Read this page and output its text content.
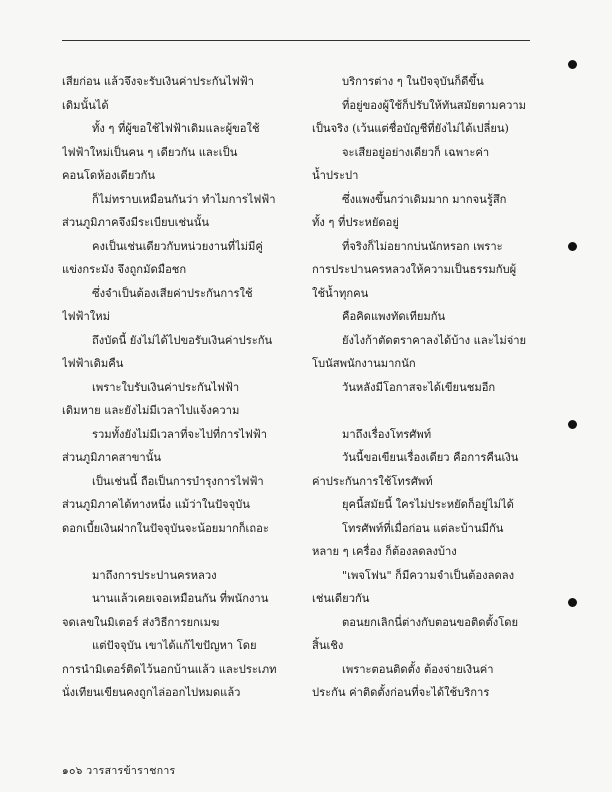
เสียก่อน แล้วจึงจะรับเงินค่าประกันไฟฟ้า
เดิมนั้นได้
ทั้ง ๆ ที่ผู้ขอใช้ไฟฟ้าเดิมและผู้ขอใช้
ไฟฟ้าใหม่เป็นคน ๆ เดียวกัน และเป็น
คอนโดห้องเดียวกัน
ก็ไม่ทราบเหมือนกันว่า ทำไมการไฟฟ้า
ส่วนภูมิภาคจึงมีระเบียบเช่นนั้น
คงเป็นเช่นเดียวกับหน่วยงานที่ไม่มีคู่
แข่งกระมัง จึงถูกมัดมือชก
ซึ่งจำเป็นต้องเสียค่าประกันการใช้
ไฟฟ้าใหม่
ถึงบัดนี้ ยังไม่ได้ไปขอรับเงินค่าประกัน
ไฟฟ้าเดิมคืน
เพราะใบรับเงินค่าประกันไฟฟ้า
เดิมหาย และยังไม่มีเวลาไปแจ้งความ
รวมทั้งยังไม่มีเวลาที่จะไปที่การไฟฟ้า
ส่วนภูมิภาคสาขานั้น
เป็นเช่นนี้ ถือเป็นการบำรุงการไฟฟ้า
ส่วนภูมิภาคได้ทางหนึ่ง แม้ว่าในปัจจุบัน
ดอกเบี้ยเงินฝากในปัจจุบันจะน้อยมากก็เถอะ
มาถึงการประปานครหลวง
นานแล้วเคยเจอเหมือนกัน ที่พนักงาน
จดเลขในมิเตอร์ ส่งวิธีการยกเมฆ
แต่ปัจจุบัน เขาได้แก้ไขปัญหา โดย
การนำมิเตอร์ติดไว้นอกบ้านแล้ว และประเภท
นั่งเทียนเขียนคงถูกไล่ออกไปหมดแล้ว
บริการต่าง ๆ ในปัจจุบันก็ดีขึ้น
ที่อยู่ของผู้ใช้ก็ปรับให้ทันสมัยตามความ
เป็นจริง (เว้นแต่ชื่อบัญชีที่ยังไม่ได้เปลี่ยน)
จะเสียอยู่อย่างเดียวก็ เฉพาะค่า
น้ำประปา
ซึ่งแพงขึ้นกว่าเดิมมาก มากจนรู้สึก
ทั้ง ๆ ที่ประหยัดอยู่
ที่จริงก็ไม่อยากบ่นนักหรอก เพราะ
การประปานครหลวงให้ความเป็นธรรมกับผู้
ใช้น้ำทุกคน
คือคิดแพงทัดเทียมกัน
ยังไงก้าตัดตราคาลงได้บ้าง และไม่จ่าย
โบนัสพนักงานมากนัก
วันหลังมีโอกาสจะได้เขียนชมอีก
มาถึงเรื่องโทรศัพท์
วันนี้ขอเขียนเรื่องเดียว คือการคืนเงิน
ค่าประกันการใช้โทรศัพท์
ยุคนี้สมัยนี้ ใครไม่ประหยัดก็อยู่ไม่ได้
โทรศัพท์ที่เมื่อก่อน แต่ละบ้านมีกัน
หลาย ๆ เครื่อง ก็ต้องลดลงบ้าง
"เพจโฟน" ก็มีความจำเป็นต้องลดลง
เช่นเดียวกัน
ตอนยกเลิกนี่ต่างกับตอนขอติดตั้งโดย
สิ้นเชิง
เพราะตอนติดตั้ง ต้องจ่ายเงินค่า
ประกัน ค่าติดตั้งก่อนที่จะได้ใช้บริการ
๑๐๖ วารสารข้าราชการ
